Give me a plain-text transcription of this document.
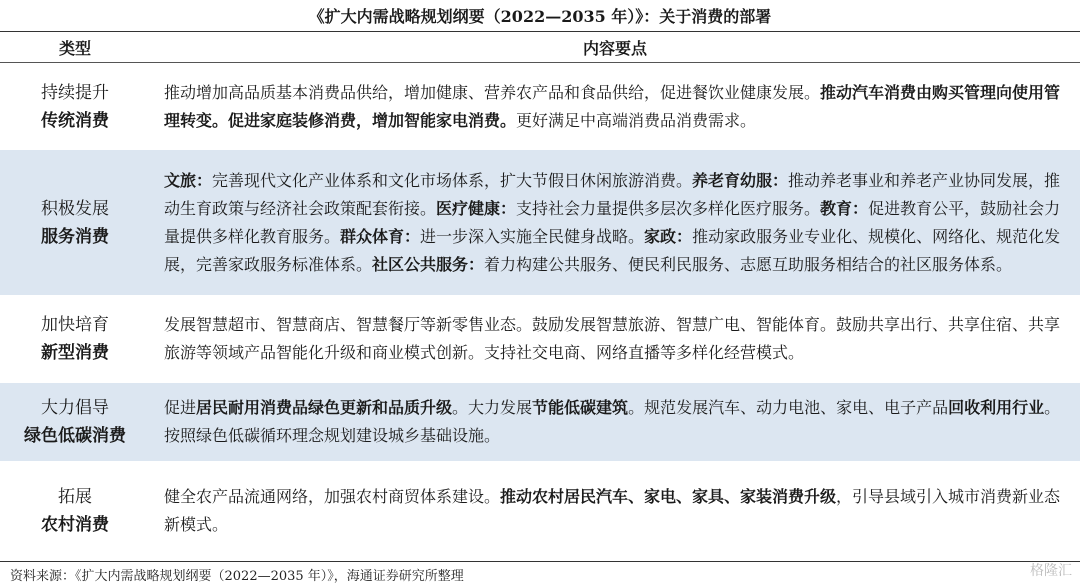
《扩大内需战略规划纲要（2022—2035 年）》：关于消费的部署
类型	内容要点
持续提升
传统消费

推动增加高品质基本消费品供给，增加健康、营养农产品和食品供给，促进餐饮业健康发展。推动汽车消费由购买管理向使用管理转变。促进家庭装修消费，增加智能家电消费。更好满足中高端消费品消费需求。

积极发展
服务消费

文旅：完善现代文化产业体系和文化市场体系，扩大节假日休闲旅游消费。养老育幼服：推动养老事业和养老产业协同发展，推动生育政策与经济社会政策配套衔接。医疗健康：支持社会力量提供多层次多样化医疗服务。教育：促进教育公平，鼓励社会力量提供多样化教育服务。群众体育：进一步深入实施全民健身战略。家政：推动家政服务业专业化、规模化、网络化、规范化发展，完善家政服务标准体系。社区公共服务：着力构建公共服务、便民利民服务、志愿互助服务相结合的社区服务体系。

加快培育
新型消费

发展智慧超市、智慧商店、智慧餐厅等新零售业态。鼓励发展智慧旅游、智慧广电、智能体育。鼓励共享出行、共享住宿、共享旅游等领域产品智能化升级和商业模式创新。支持社交电商、网络直播等多样化经营模式。

大力倡导
绿色低碳消费

促进居民耐用消费品绿色更新和品质升级。大力发展节能低碳建筑。规范发展汽车、动力电池、家电、电子产品回收利用行业。按照绿色低碳循环理念规划建设城乡基础设施。

拓展
农村消费

健全农产品流通网络，加强农村商贸体系建设。推动农村居民汽车、家电、家具、家装消费升级，引导县域引入城市消费新业态新模式。

资料来源：《扩大内需战略规划纲要（2022—2035 年）》，海通证券研究所整理	格隆汇
